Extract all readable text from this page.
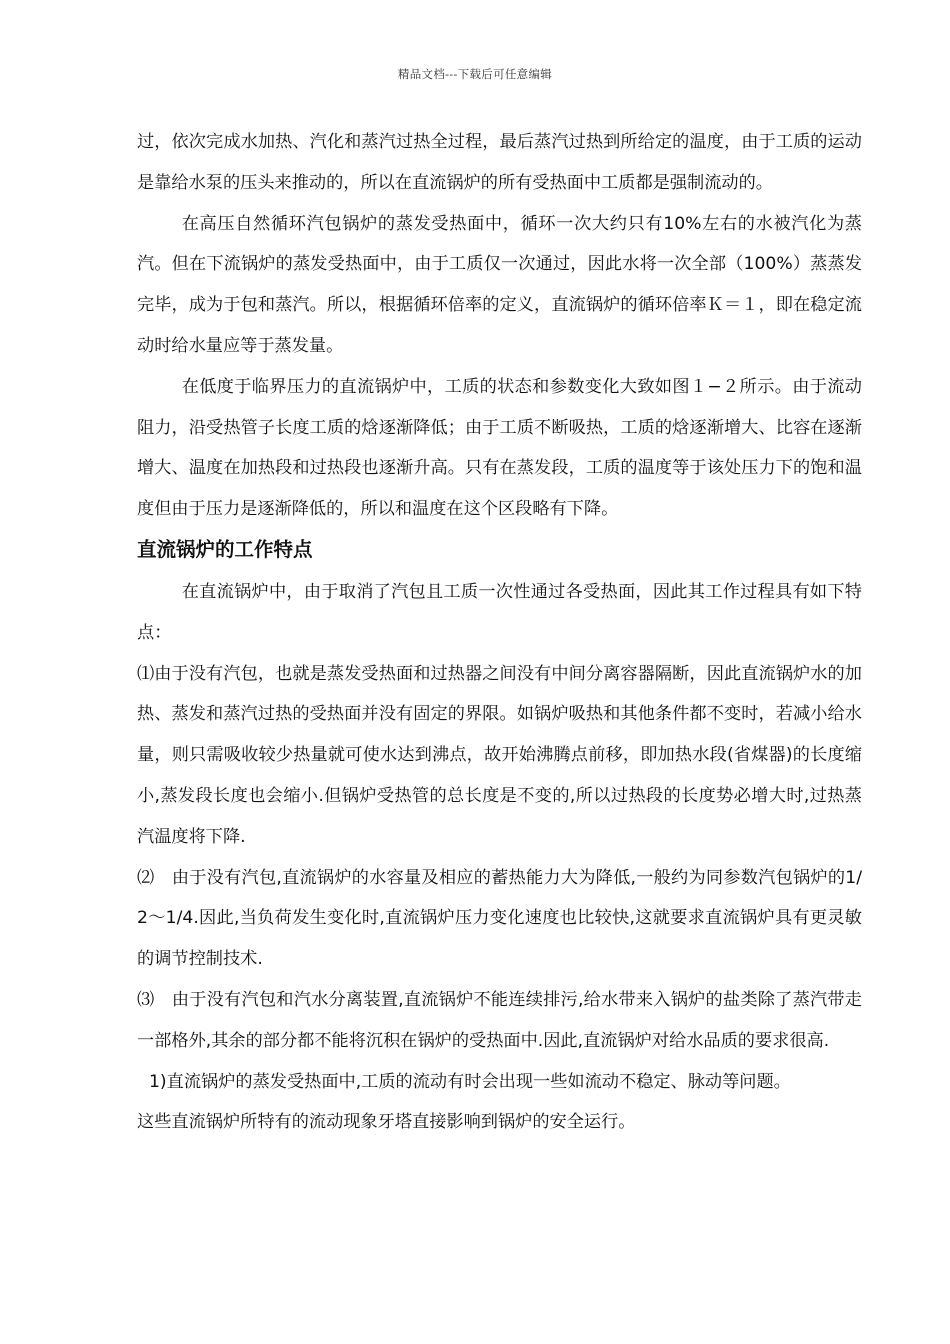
精品文档---下载后可任意编辑

过，依次完成水加热、汽化和蒸汽过热全过程，最后蒸汽过热到所给定的温度，由于工质的运动是靠给水泵的压头来推动的，所以在直流锅炉的所有受热面中工质都是强制流动的。

在高压自然循环汽包锅炉的蒸发受热面中，循环一次大约只有10%左右的水被汽化为蒸汽。但在下流锅炉的蒸发受热面中，由于工质仅一次通过，因此水将一次全部（100%）蒸蒸发完毕，成为于包和蒸汽。所以，根据循环倍率的定义，直流锅炉的循环倍率Ｋ＝１，即在稳定流动时给水量应等于蒸发量。

在低度于临界压力的直流锅炉中，工质的状态和参数变化大致如图１−２所示。由于流动阻力，沿受热管子长度工质的焓逐渐降低；由于工质不断吸热，工质的焓逐渐增大、比容在逐渐增大、温度在加热段和过热段也逐渐升高。只有在蒸发段，工质的温度等于该处压力下的饱和温度但由于压力是逐渐降低的，所以和温度在这个区段略有下降。

直流锅炉的工作特点

在直流锅炉中，由于取消了汽包且工质一次性通过各受热面，因此其工作过程具有如下特点：

⑴由于没有汽包，也就是蒸发受热面和过热器之间没有中间分离容器隔断，因此直流锅炉水的加热、蒸发和蒸汽过热的受热面并没有固定的界限。如锅炉吸热和其他条件都不变时，若减小给水量，则只需吸收较少热量就可使水达到沸点，故开始沸腾点前移，即加热水段(省煤器)的长度缩小,蒸发段长度也会缩小.但锅炉受热管的总长度是不变的,所以过热段的长度势必增大时,过热蒸汽温度将下降.

⑵　由于没有汽包,直流锅炉的水容量及相应的蓄热能力大为降低,一般约为同参数汽包锅炉的1/2～1/4.因此,当负荷发生变化时,直流锅炉压力变化速度也比较快,这就要求直流锅炉具有更灵敏的调节控制技术.

⑶　由于没有汽包和汽水分离装置,直流锅炉不能连续排污,给水带来入锅炉的盐类除了蒸汽带走一部格外,其余的部分都不能将沉积在锅炉的受热面中.因此,直流锅炉对给水品质的要求很高.

1)直流锅炉的蒸发受热面中,工质的流动有时会出现一些如流动不稳定、脉动等问题。

这些直流锅炉所特有的流动现象牙塔直接影响到锅炉的安全运行。
